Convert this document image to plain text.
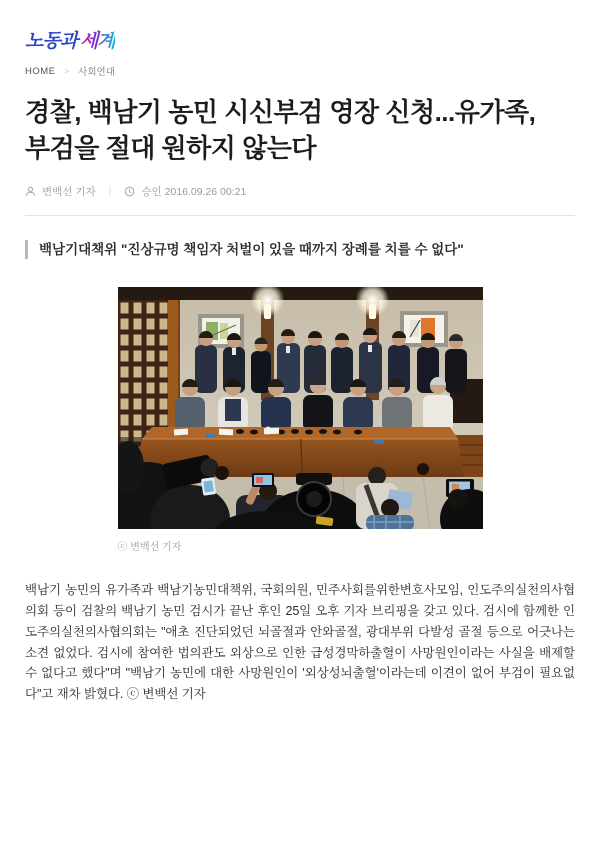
노동과 세계
HOME > 사회연대
경찰, 백남기 농민 시신부검 영장 신청...유가족, 부검을 절대 원하지 않는다
변백선 기자 |	승인 2016.09.26 00:21
백남기대책위 "진상규명 책임자 처벌이 있을 때까지 장례를 치를 수 없다"
ⓒ 변백선 기자

백남기 농민의 유가족과 백남기농민대책위, 국회의원, 민주사회를위한변호사모임, 인도주의실천의사협의회 등이 검찰의 백남기 농민 검시가 끝난 후인 25일 오후 기자 브리핑을 갖고 있다. 검시에 함께한 인도주의실천의사협의회는 "애초 진단되었던 뇌골절과 안와골절, 광대부위 다발성 골절 등으로 어긋나는 소견 없었다. 검시에 참여한 법의관도 외상으로 인한 급성경막하출혈이 사망원인이라는 사실을 배제할 수 없다고 했다"며 "백남기 농민에 대한 사망원인이 '외상성뇌출혈'이라는데 이견이 없어 부검이 필요없다"고 재차 밝혔다. ⓒ 변백선 기자
